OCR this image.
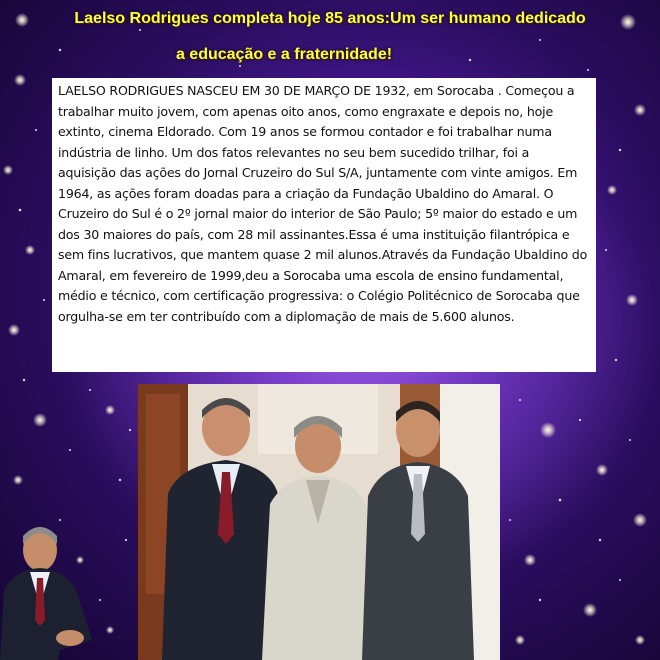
Laelso Rodrigues completa hoje 85 anos:Um ser humano dedicado
a educação e a fraternidade!
LAELSO RODRIGUES NASCEU EM 30 DE MARÇO DE 1932, em Sorocaba . Começou a trabalhar muito jovem, com apenas oito anos, como engraxate e depois no, hoje extinto, cinema Eldorado. Com 19 anos se formou contador e foi trabalhar numa indústria de linho. Um dos fatos relevantes no seu bem sucedido trilhar, foi a aquisição das ações do Jornal Cruzeiro do Sul S/A, juntamente com vinte amigos. Em 1964, as ações foram doadas para a criação da Fundação Ubaldino do Amaral. O Cruzeiro do Sul é o 2º jornal maior do interior de São Paulo; 5º maior do estado e um dos 30 maiores do país, com 28 mil assinantes.Essa é uma instituição filantrópica e sem fins lucrativos, que mantem quase 2 mil alunos.Através da Fundação Ubaldino do Amaral, em fevereiro de 1999,deu a Sorocaba uma escola de ensino fundamental, médio e técnico, com certificação progressiva: o Colégio Politécnico de Sorocaba que orgulha-se em ter contribuído com a diplomação de mais de 5.600 alunos.
